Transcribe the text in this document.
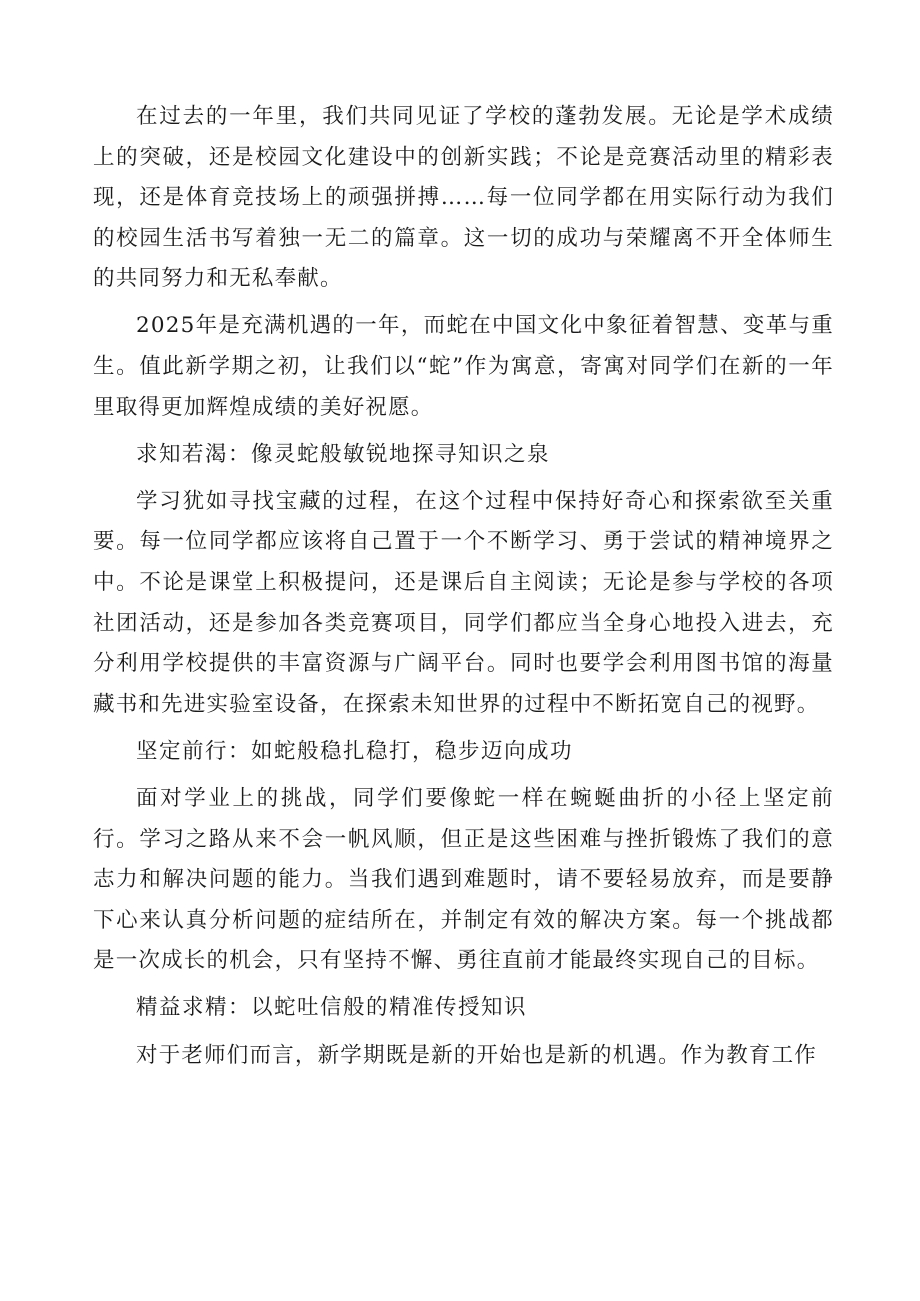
在过去的一年里，我们共同见证了学校的蓬勃发展。无论是学术成绩上的突破，还是校园文化建设中的创新实践；不论是竞赛活动里的精彩表现，还是体育竞技场上的顽强拼搏……每一位同学都在用实际行动为我们的校园生活书写着独一无二的篇章。这一切的成功与荣耀离不开全体师生的共同努力和无私奉献。

2025年是充满机遇的一年，而蛇在中国文化中象征着智慧、变革与重生。值此新学期之初，让我们以“蛇”作为寓意，寄寓对同学们在新的一年里取得更加辉煌成绩的美好祝愿。

求知若渴：像灵蛇般敏锐地探寻知识之泉

学习犹如寻找宝藏的过程，在这个过程中保持好奇心和探索欲至关重要。每一位同学都应该将自己置于一个不断学习、勇于尝试的精神境界之中。不论是课堂上积极提问，还是课后自主阅读；无论是参与学校的各项社团活动，还是参加各类竞赛项目，同学们都应当全身心地投入进去，充分利用学校提供的丰富资源与广阔平台。同时也要学会利用图书馆的海量藏书和先进实验室设备，在探索未知世界的过程中不断拓宽自己的视野。

坚定前行：如蛇般稳扎稳打，稳步迈向成功

面对学业上的挑战，同学们要像蛇一样在蜿蜒曲折的小径上坚定前行。学习之路从来不会一帆风顺，但正是这些困难与挫折锻炼了我们的意志力和解决问题的能力。当我们遇到难题时，请不要轻易放弃，而是要静下心来认真分析问题的症结所在，并制定有效的解决方案。每一个挑战都是一次成长的机会，只有坚持不懈、勇往直前才能最终实现自己的目标。

精益求精：以蛇吐信般的精准传授知识

对于老师们而言，新学期既是新的开始也是新的机遇。作为教育工作
